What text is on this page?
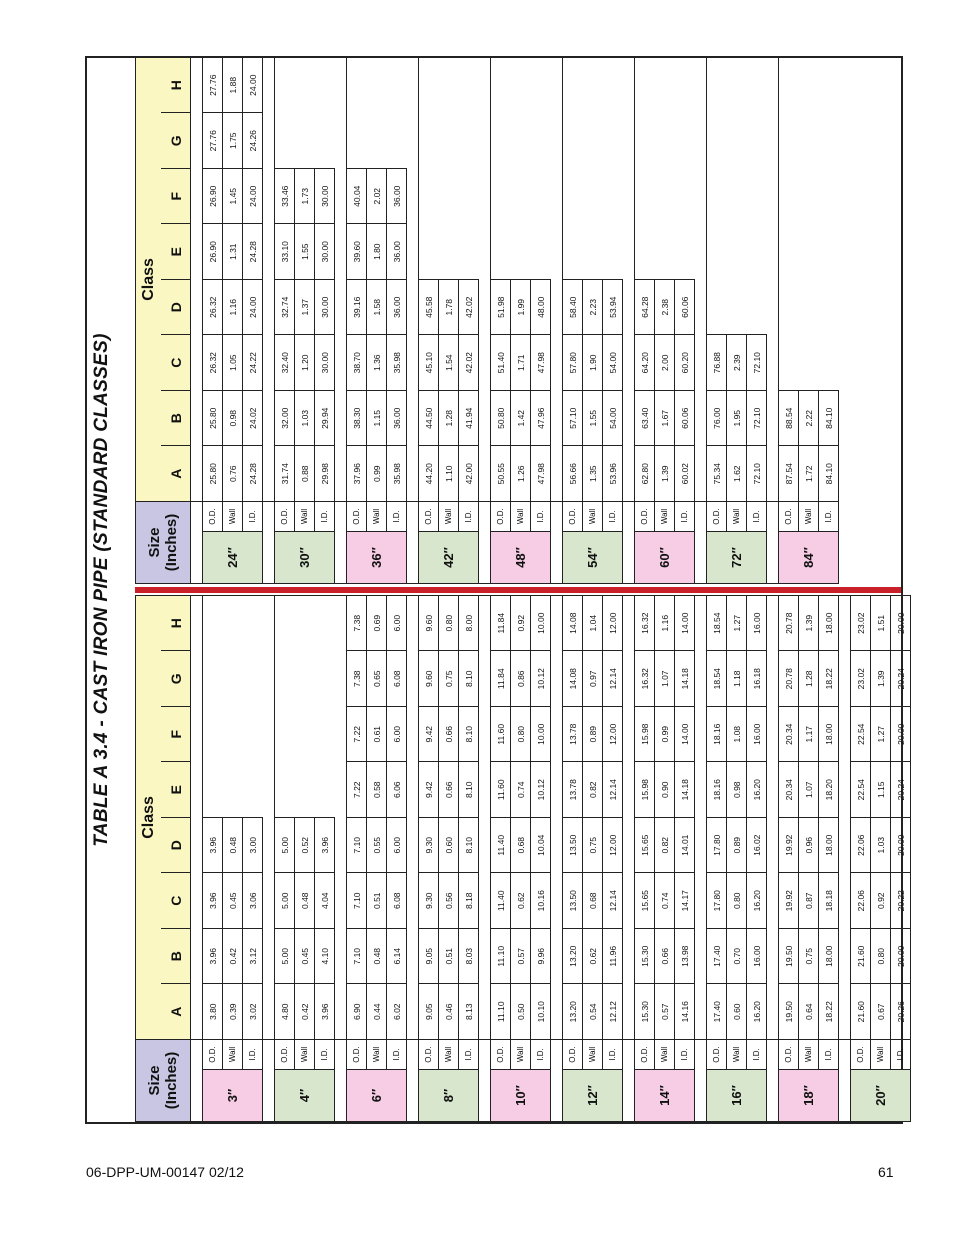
TABLE A 3.4 - CAST IRON PIPE (STANDARD CLASSES)
Size (Inches)		Class							
		A	B	C	D	E	F	G	H

3″	O.D.	3.80	3.96	3.96	3.96				
	Wall	0.39	0.42	0.45	0.48				
	I.D.	3.02	3.12	3.06	3.00				

4″	O.D.	4.80	5.00	5.00	5.00				
	Wall	0.42	0.45	0.48	0.52				
	I.D.	3.96	4.10	4.04	3.96				

6″	O.D.	6.90	7.10	7.10	7.10	7.22	7.22	7.38	7.38
	Wall	0.44	0.48	0.51	0.55	0.58	0.61	0.65	0.69
	I.D.	6.02	6.14	6.08	6.00	6.06	6.00	6.08	6.00

8″	O.D.	9.05	9.05	9.30	9.30	9.42	9.42	9.60	9.60
	Wall	0.46	0.51	0.56	0.60	0.66	0.66	0.75	0.80
	I.D.	8.13	8.03	8.18	8.10	8.10	8.10	8.10	8.00

10″	O.D.	11.10	11.10	11.40	11.40	11.60	11.60	11.84	11.84
	Wall	0.50	0.57	0.62	0.68	0.74	0.80	0.86	0.92
	I.D.	10.10	9.96	10.16	10.04	10.12	10.00	10.12	10.00

12″	O.D.	13.20	13.20	13.50	13.50	13.78	13.78	14.08	14.08
	Wall	0.54	0.62	0.68	0.75	0.82	0.89	0.97	1.04
	I.D.	12.12	11.96	12.14	12.00	12.14	12.00	12.14	12.00

14″	O.D.	15.30	15.30	15.65	15.65	15.98	15.98	16.32	16.32
	Wall	0.57	0.66	0.74	0.82	0.90	0.99	1.07	1.16
	I.D.	14.16	13.98	14.17	14.01	14.18	14.00	14.18	14.00

16″	O.D.	17.40	17.40	17.80	17.80	18.16	18.16	18.54	18.54
	Wall	0.60	0.70	0.80	0.89	0.98	1.08	1.18	1.27
	I.D.	16.20	16.00	16.20	16.02	16.20	16.00	16.18	16.00

18″	O.D.	19.50	19.50	19.92	19.92	20.34	20.34	20.78	20.78
	Wall	0.64	0.75	0.87	0.96	1.07	1.17	1.28	1.39
	I.D.	18.22	18.00	18.18	18.00	18.20	18.00	18.22	18.00

20″	O.D.	21.60	21.60	22.06	22.06	22.54	22.54	23.02	23.02
	Wall	0.67	0.80	0.92	1.03	1.15	1.27	1.39	1.51
	I.D.	20.26	20.00	20.22	20.00	20.24	20.00	20.24	20.00
Size (Inches)		Class							
		A	B	C	D	E	F	G	H

24″	O.D.	25.80	25.80	26.32	26.32	26.90	26.90	27.76	27.76
	Wall	0.76	0.98	1.05	1.16	1.31	1.45	1.75	1.88
	I.D.	24.28	24.02	24.22	24.00	24.28	24.00	24.26	24.00

30″	O.D.	31.74	32.00	32.40	32.74	33.10	33.46		
	Wall	0.88	1.03	1.20	1.37	1.55	1.73		
	I.D.	29.98	29.94	30.00	30.00	30.00	30.00		

36″	O.D.	37.96	38.30	38.70	39.16	39.60	40.04		
	Wall	0.99	1.15	1.36	1.58	1.80	2.02		
	I.D.	35.98	36.00	35.98	36.00	36.00	36.00		

42″	O.D.	44.20	44.50	45.10	45.58				
	Wall	1.10	1.28	1.54	1.78				
	I.D.	42.00	41.94	42.02	42.02				

48″	O.D.	50.55	50.80	51.40	51.98				
	Wall	1.26	1.42	1.71	1.99				
	I.D.	47.98	47.96	47.98	48.00				

54″	O.D.	56.66	57.10	57.80	58.40				
	Wall	1.35	1.55	1.90	2.23				
	I.D.	53.96	54.00	54.00	53.94				

60″	O.D.	62.80	63.40	64.20	64.28				
	Wall	1.39	1.67	2.00	2.38				
	I.D.	60.02	60.06	60.20	60.06				

72″	O.D.	75.34	76.00	76.88					
	Wall	1.62	1.95	2.39					
	I.D.	72.10	72.10	72.10					

84″	O.D.	87.54	88.54						
	Wall	1.72	2.22						
	I.D.	84.10	84.10						
06-DPP-UM-00147 02/12	61
